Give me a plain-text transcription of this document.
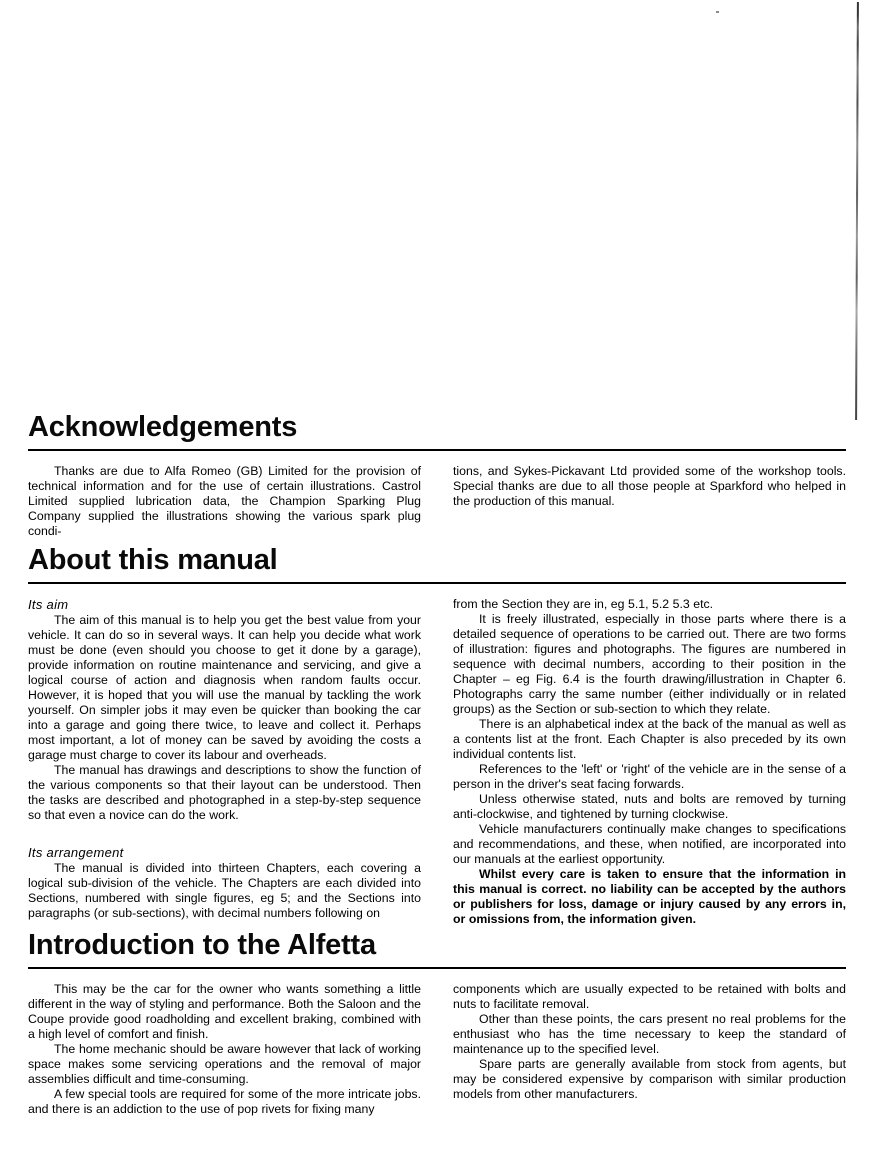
Acknowledgements

Thanks are due to Alfa Romeo (GB) Limited for the provision of technical information and for the use of certain illustrations. Castrol Limited supplied lubrication data, the Champion Sparking Plug Company supplied the illustrations showing the various spark plug condi-

tions, and Sykes-Pickavant Ltd provided some of the workshop tools. Special thanks are due to all those people at Sparkford who helped in the production of this manual.

About this manual
Its aim

The aim of this manual is to help you get the best value from your vehicle. It can do so in several ways. It can help you decide what work must be done (even should you choose to get it done by a garage), provide information on routine maintenance and servicing, and give a logical course of action and diagnosis when random faults occur. However, it is hoped that you will use the manual by tackling the work yourself. On simpler jobs it may even be quicker than booking the car into a garage and going there twice, to leave and collect it. Perhaps most important, a lot of money can be saved by avoiding the costs a garage must charge to cover its labour and overheads.

The manual has drawings and descriptions to show the function of the various components so that their layout can be understood. Then the tasks are described and photographed in a step-by-step sequence so that even a novice can do the work.

Its arrangement

The manual is divided into thirteen Chapters, each covering a logical sub-division of the vehicle. The Chapters are each divided into Sections, numbered with single figures, eg 5; and the Sections into paragraphs (or sub-sections), with decimal numbers following on

from the Section they are in, eg 5.1, 5.2 5.3 etc.

It is freely illustrated, especially in those parts where there is a detailed sequence of operations to be carried out. There are two forms of illustration: figures and photographs. The figures are numbered in sequence with decimal numbers, according to their position in the Chapter – eg Fig. 6.4 is the fourth drawing/illustration in Chapter 6. Photographs carry the same number (either individually or in related groups) as the Section or sub-section to which they relate.

There is an alphabetical index at the back of the manual as well as a contents list at the front. Each Chapter is also preceded by its own individual contents list.

References to the 'left' or 'right' of the vehicle are in the sense of a person in the driver's seat facing forwards.

Unless otherwise stated, nuts and bolts are removed by turning anti-clockwise, and tightened by turning clockwise.

Vehicle manufacturers continually make changes to specifications and recommendations, and these, when notified, are incorporated into our manuals at the earliest opportunity.

Whilst every care is taken to ensure that the information in this manual is correct. no liability can be accepted by the authors or publishers for loss, damage or injury caused by any errors in, or omissions from, the information given.

Introduction to the Alfetta

This may be the car for the owner who wants something a little different in the way of styling and performance. Both the Saloon and the Coupe provide good roadholding and excellent braking, combined with a high level of comfort and finish.

The home mechanic should be aware however that lack of working space makes some servicing operations and the removal of major assemblies difficult and time-consuming.

A few special tools are required for some of the more intricate jobs. and there is an addiction to the use of pop rivets for fixing many

components which are usually expected to be retained with bolts and nuts to facilitate removal.

Other than these points, the cars present no real problems for the enthusiast who has the time necessary to keep the standard of maintenance up to the specified level.

Spare parts are generally available from stock from agents, but may be considered expensive by comparison with similar production models from other manufacturers.
